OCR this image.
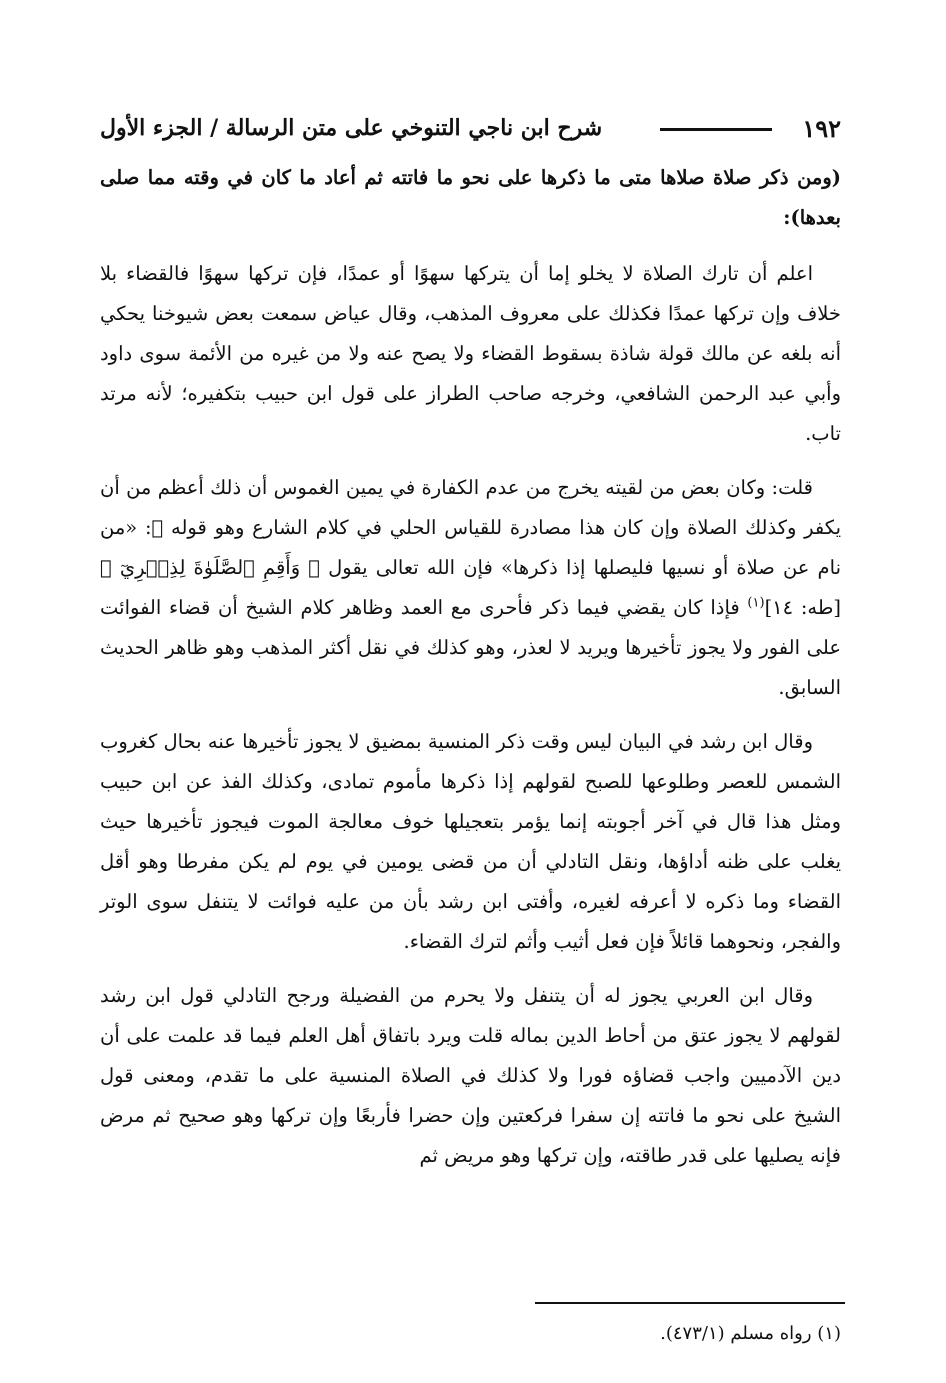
١٩٢
شرح ابن ناجي التنوخي على متن الرسالة / الجزء الأول

(ومن ذكر صلاة صلاها متى ما ذكرها على نحو ما فاتته ثم أعاد ما كان في وقته مما صلى بعدها):

اعلم أن تارك الصلاة لا يخلو إما أن يتركها سهوًا أو عمدًا، فإن تركها سهوًا فالقضاء بلا خلاف وإن تركها عمدًا فكذلك على معروف المذهب، وقال عياض سمعت بعض شيوخنا يحكي أنه بلغه عن مالك قولة شاذة بسقوط القضاء ولا يصح عنه ولا من غيره من الأئمة سوى داود وأبي عبد الرحمن الشافعي، وخرجه صاحب الطراز على قول ابن حبيب بتكفيره؛ لأنه مرتد تاب.

قلت: وكان بعض من لقيته يخرج من عدم الكفارة في يمين الغموس أن ذلك أعظم من أن يكفر وكذلك الصلاة وإن كان هذا مصادرة للقياس الحلي في كلام الشارع وهو قوله ﷺ: «من نام عن صلاة أو نسيها فليصلها إذا ذكرها» فإن الله تعالى يقول ﴿ وَأَقِمِ ٱلصَّلَوٰةَ لِذِكۡرِيٓ ﴾ [طه: ١٤]$^{(١)}$ فإذا كان يقضي فيما ذكر فأحرى مع العمد وظاهر كلام الشيخ أن قضاء الفوائت على الفور ولا يجوز تأخيرها ويريد لا لعذر، وهو كذلك في نقل أكثر المذهب وهو ظاهر الحديث السابق.

وقال ابن رشد في البيان ليس وقت ذكر المنسية بمضيق لا يجوز تأخيرها عنه بحال كغروب الشمس للعصر وطلوعها للصبح لقولهم إذا ذكرها مأموم تمادى، وكذلك الفذ عن ابن حبيب ومثل هذا قال في آخر أجوبته إنما يؤمر بتعجيلها خوف معالجة الموت فيجوز تأخيرها حيث يغلب على ظنه أداؤها، ونقل التادلي أن من قضى يومين في يوم لم يكن مفرطا وهو أقل القضاء وما ذكره لا أعرفه لغيره، وأفتى ابن رشد بأن من عليه فوائت لا يتنفل سوى الوتر والفجر، ونحوهما قائلاً فإن فعل أثيب وأثم لترك القضاء.

وقال ابن العربي يجوز له أن يتنفل ولا يحرم من الفضيلة ورجح التادلي قول ابن رشد لقولهم لا يجوز عتق من أحاط الدين بماله قلت ويرد باتفاق أهل العلم فيما قد علمت على أن دين الآدميين واجب قضاؤه فورا ولا كذلك في الصلاة المنسية على ما تقدم، ومعنى قول الشيخ على نحو ما فاتته إن سفرا فركعتين وإن حضرا فأربعًا وإن تركها وهو صحيح ثم مرض فإنه يصليها على قدر طاقته، وإن تركها وهو مريض ثم

(١) رواه مسلم (٤٧٣/١).
